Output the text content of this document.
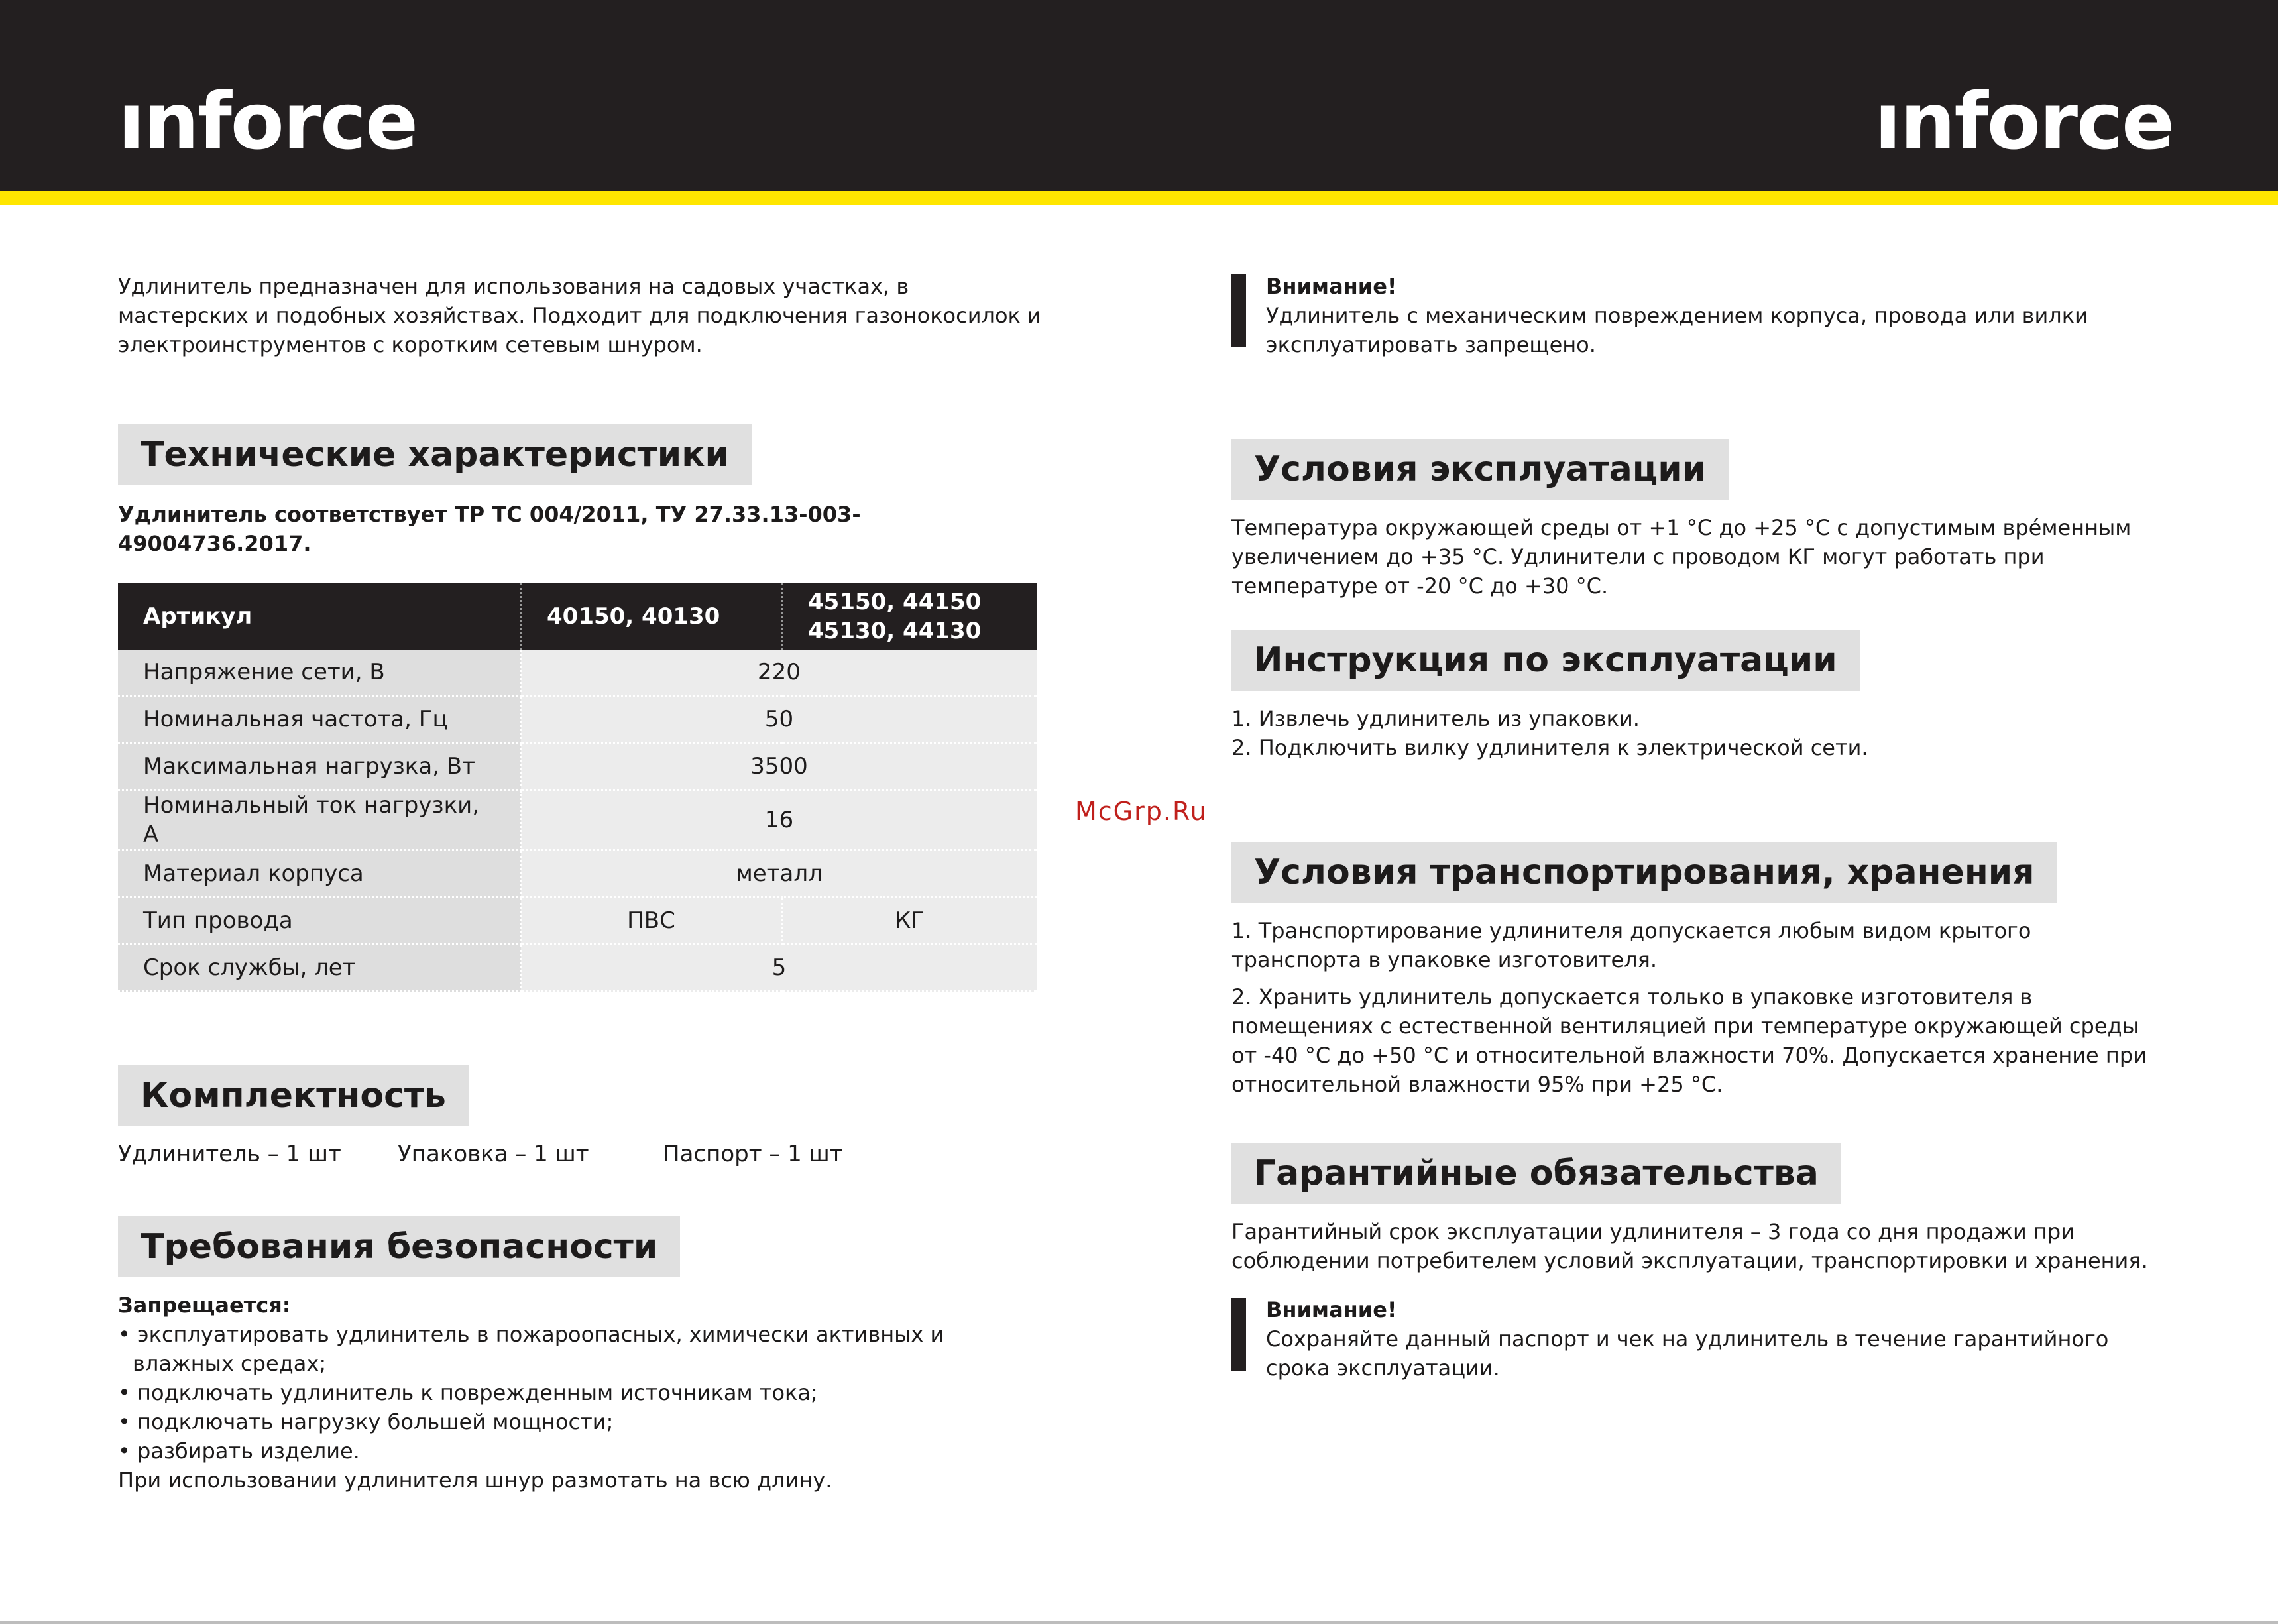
ınforce	ınforce

Удлинитель предназначен для использования на садовых участках, в мастерских и подобных хозяйствах. Подходит для подключения газонокосилок и электроинструментов с коротким сетевым шнуром.

Технические характеристики

Удлинитель соответствует ТР ТС 004/2011, ТУ 27.33.13-003-49004736.2017.

Артикул	40150, 40130	45150, 44150
45130, 44130
Напряжение сети, В	220	
Номинальная частота, Гц	50	
Максимальная нагрузка, Вт	3500	
Номинальный ток нагрузки, А	16	
Материал корпуса	металл	
Тип провода	ПВС	КГ
Срок службы, лет	5	
Комплектность
Удлинитель – 1 шт	Упаковка – 1 шт	Паспорт – 1 шт
Требования безопасности

Запрещается:

• эксплуатировать удлинитель в пожароопасных, химически активных и влажных средах;
• подключать удлинитель к поврежденным источникам тока;
• подключать нагрузку большей мощности;
• разбирать изделие.

При использовании удлинителя шнур размотать на всю длину.

McGrp.Ru

Внимание!

Удлинитель с механическим повреждением корпуса, провода или вилки эксплуатировать запрещено.

Условия эксплуатации

Температура окружающей среды от +1 °С до +25 °С с допустимым вре́менным увеличением до +35 °С. Удлинители с проводом КГ могут работать при температуре от -20 °С до +30 °С.

Инструкция по эксплуатации

1. Извлечь удлинитель из упаковки.

2. Подключить вилку удлинителя к электрической сети.

Условия транспортирования, хранения

1. Транспортирование удлинителя допускается любым видом крытого транспорта в упаковке изготовителя.

2. Хранить удлинитель допускается только в упаковке изготовителя в помещениях с естественной вентиляцией при температуре окружающей среды от -40 °С до +50 °С и относительной влажности 70%. Допускается хранение при относительной влажности 95% при +25 °С.

Гарантийные обязательства

Гарантийный срок эксплуатации удлинителя – 3 года со дня продажи при соблюдении потребителем условий эксплуатации, транспортировки и хранения.

Внимание!

Сохраняйте данный паспорт и чек на удлинитель в течение гарантийного срока эксплуатации.
